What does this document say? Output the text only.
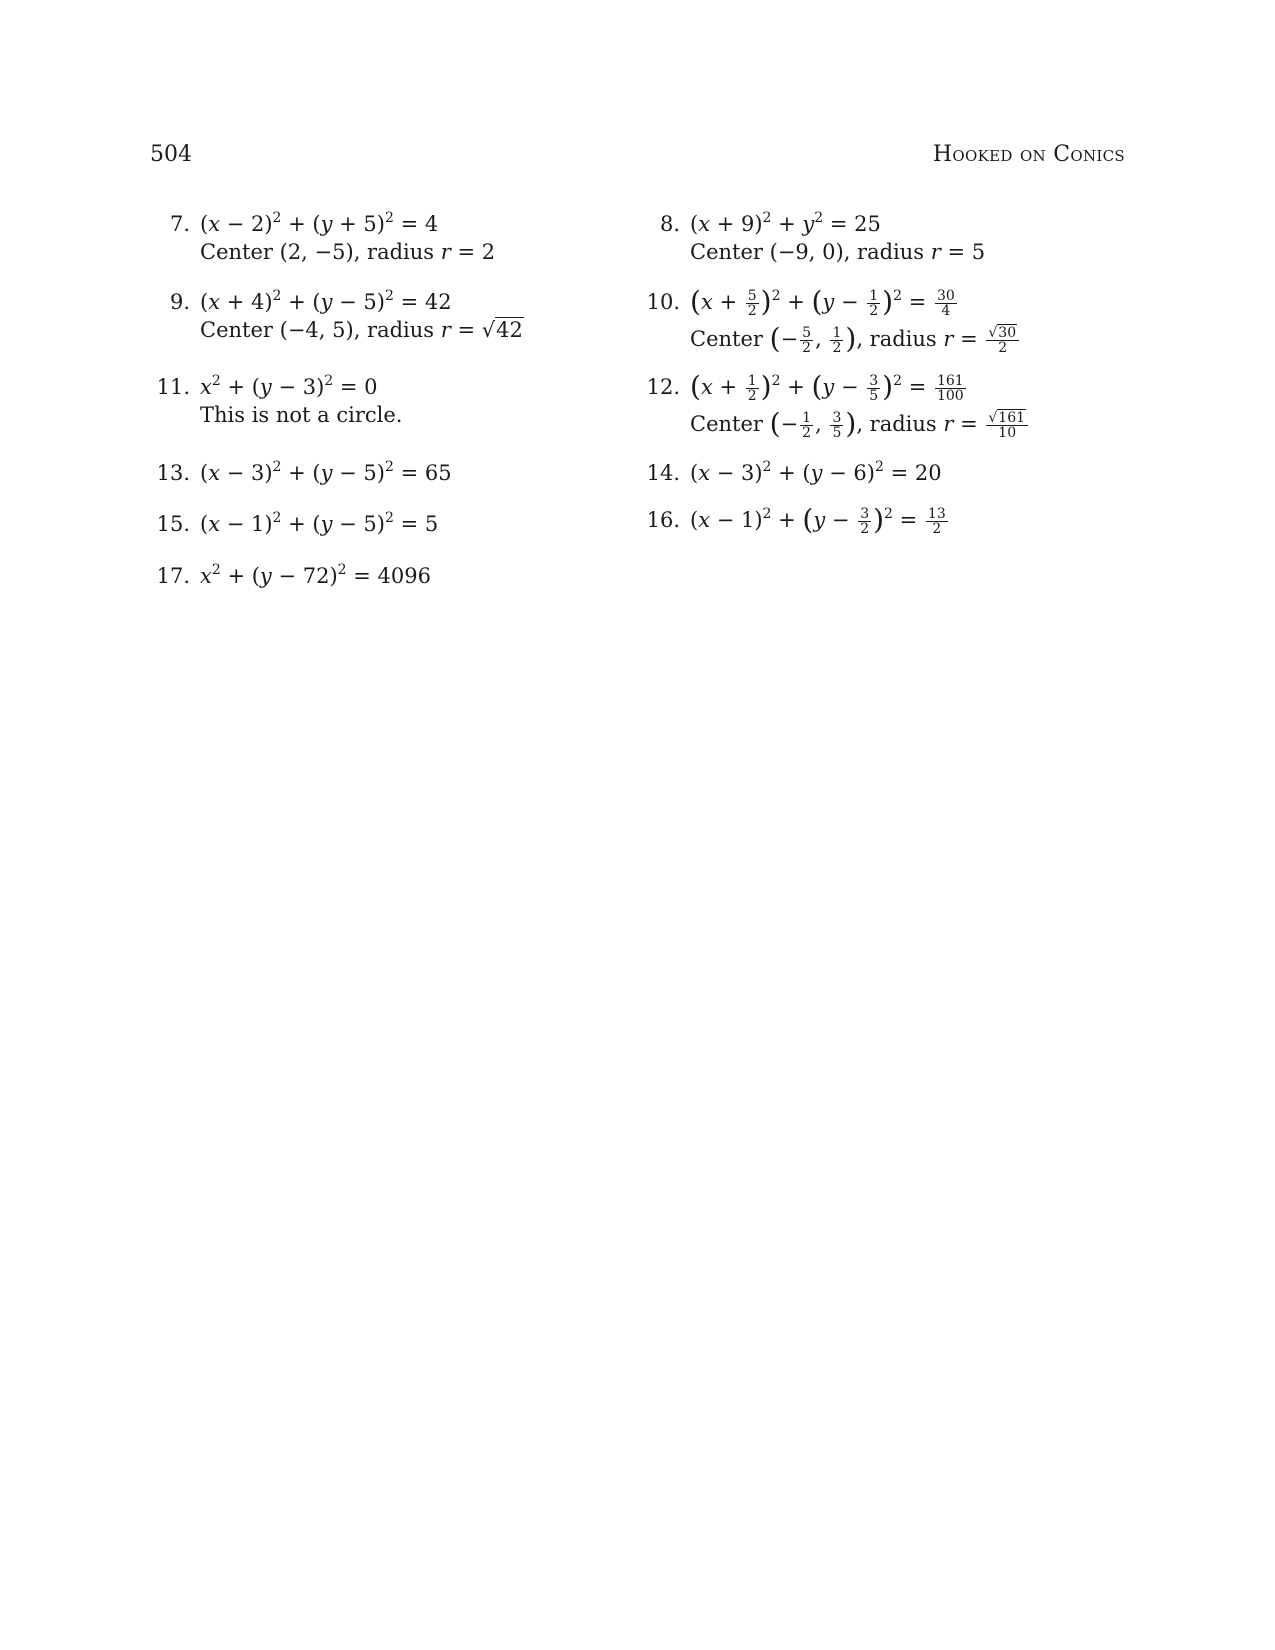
504	Hooked on Conics
7. $(x - 2)^2 + (y + 5)^2 = 4$
Center (2, −5), radius r = 2
8. $(x + 9)^2 + y^2 = 25$
Center (−9, 0), radius r = 5
9. $(x + 4)^2 + (y - 5)^2 = 42$
Center (−4, 5), radius r = √42
10. $(x + \frac{5}{2} )^2 + (y - \frac{1}{2} )^2 = \frac{30}{4}$
Center (− $\frac{5}{2}$ , $\frac{1}{2}$ ), radius $r = \frac{√30}{2}$
11. $x^2 + (y - 3)^2 = 0$
This is not a circle.
12. $(x + \frac{1}{2} )^2 + (y - \frac{3}{5} )^2 = \frac{161}{100}$
Center (− $\frac{1}{2}$ , $\frac{3}{5}$ ), radius $r = \frac{√161}{10}$
13. $(x - 3)^2 + (y - 5)^2 = 65$	14. $(x - 3)^2 + (y - 6)^2 = 20$
15. $(x - 1)^2 + (y - 5)^2 = 5$	16. $(x - 1)^2 + (y - \frac{3}{2} )^2 = \frac{13}{2}$
17. $x^2 + (y - 72)^2 = 4096$
